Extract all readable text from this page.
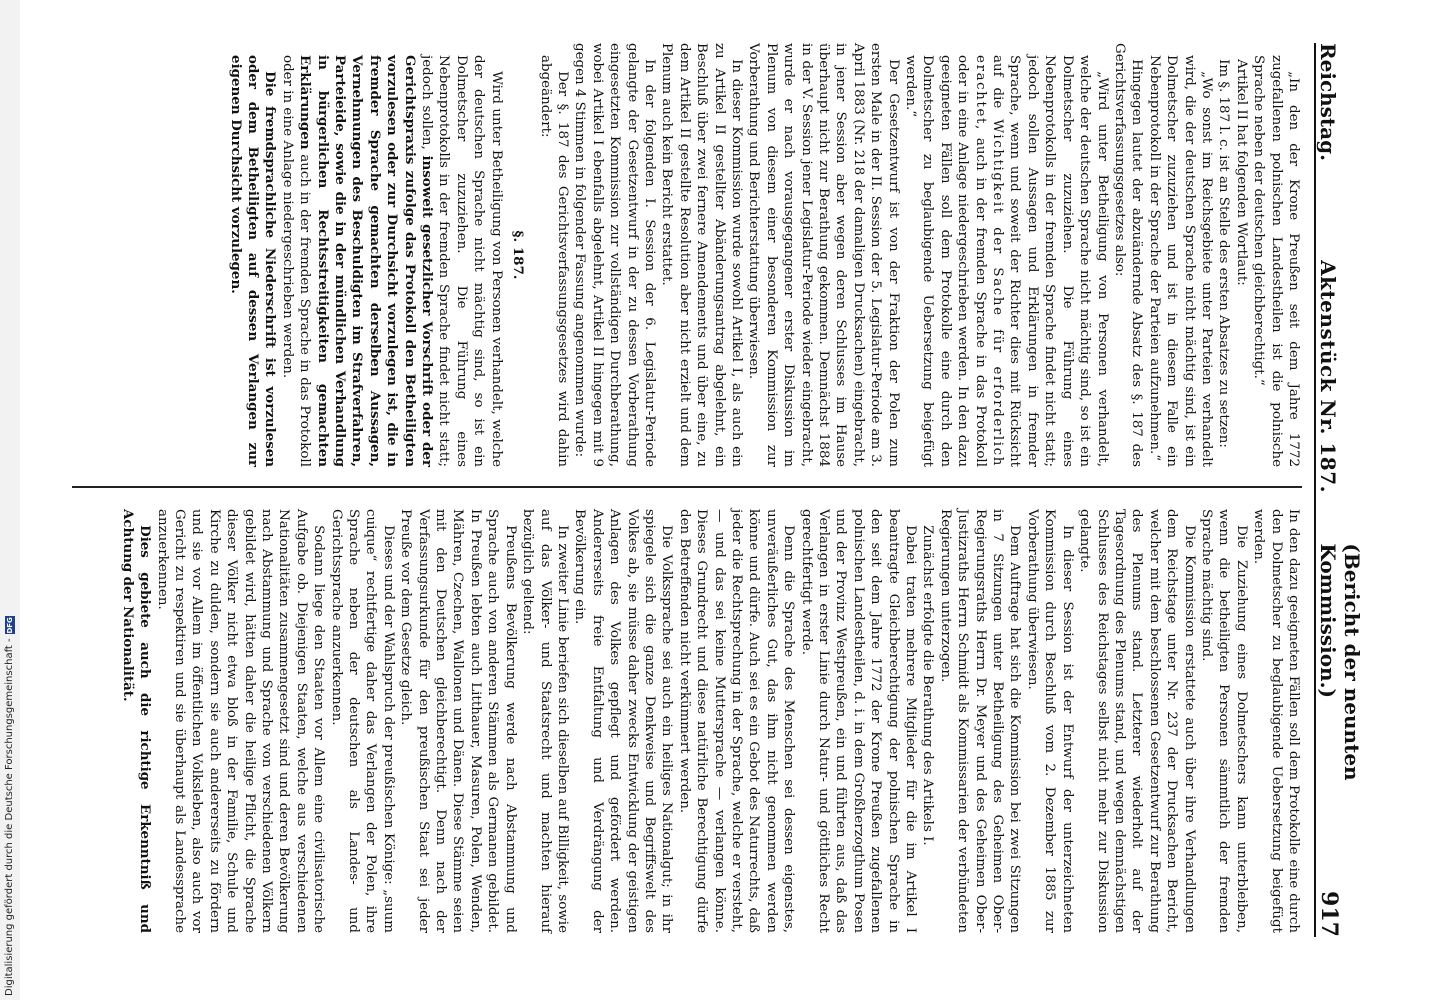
Digitalisierung gefördert durch die Deutsche Forschungsgemeinschaft -
DFG
Reichstag.
Aktenstück Nr. 187.
(Bericht der neunten Kommission.)
917

„In den der Krone Preußen seit dem Jahre 1772 zugefallenen polnischen Landestheilen ist die polnische Sprache neben der deutschen gleichberechtigt.“

Artikel II hat folgenden Wortlaut:

Im §. 187 l. c. ist an Stelle des ersten Absatzes zu setzen:

„Wo sonst im Reichsgebiete unter Parteien verhandelt wird, die der deutschen Sprache nicht mächtig sind, ist ein Dolmetscher zuzuziehen und ist in diesem Falle ein Nebenprotokoll in der Sprache der Parteien aufzunehmen.“

Hingegen lautet der abzuändernde Absatz des §. 187 des Gerichtsverfassungsgesetzes also:

„Wird unter Betheiligung von Personen verhandelt, welche der deutschen Sprache nicht mächtig sind, so ist ein Dolmetscher zuzuziehen. Die Führung eines Nebenprotokolls in der fremden Sprache findet nicht statt; jedoch sollen Aussagen und Erklärungen in fremder Sprache, wenn und soweit der Richter dies mit Rücksicht auf die Wichtigkeit der Sache für erforderlich erachtet, auch in der fremden Sprache in das Protokoll oder in eine Anlage niedergeschrieben werden. In den dazu geeigneten Fällen soll dem Protokolle eine durch den Dolmetscher zu beglaubigende Uebersetzung beigefügt werden.“

Der Gesetzentwurf ist von der Fraktion der Polen zum ersten Male in der II. Session der 5. Legislatur-Periode am 3. April 1883 (Nr. 218 der damaligen Drucksachen) eingebracht, in jener Session aber wegen deren Schlusses im Hause überhaupt nicht zur Berathung gekommen. Demnächst 1884 in der V. Session jener Legislatur-Periode wieder eingebracht, wurde er nach vorausgegangener erster Diskussion im Plenum von diesem einer besonderen Kommission zur Vorberathung und Berichterstattung überwiesen.

In dieser Kommission wurde sowohl Artikel I, als auch ein zu Artikel II gestellter Abänderungsantrag abgelehnt, ein Beschluß über zwei fernere Amendements und über eine, zu dem Artikel II gestellte Resolution aber nicht erzielt und dem Plenum auch kein Bericht erstattet.

In der folgenden I. Session der 6. Legislatur-Periode gelangte der Gesetzentwurf in der zu dessen Vorberathung eingesetzten Kommission zur vollständigen Durchberathung, wobei Artikel I ebenfalls abgelehnt, Artikel II hingegen mit 9 gegen 4 Stimmen in folgender Fassung angenommen wurde:

Der §. 187 des Gerichtsverfassungsgesetzes wird dahin abgeändert:

§. 187.

Wird unter Betheiligung von Personen verhandelt, welche der deutschen Sprache nicht mächtig sind, so ist ein Dolmetscher zuzuziehen. Die Führung eines Nebenprotokolls in der fremden Sprache findet nicht statt; jedoch sollen, insoweit gesetzlicher Vorschrift oder der Gerichtspraxis zufolge das Protokoll den Betheiligten vorzulesen oder zur Durchsicht vorzulegen ist, die in fremder Sprache gemachten derselben Aussagen, Vernehmungen des Beschuldigten im Strafverfahren, Parteieide, sowie die in der mündlichen Verhandlung in bürgerlichen Rechtsstreitigkeiten gemachten Erklärungen auch in der fremden Sprache in das Protokoll oder in eine Anlage niedergeschrieben werden.

Die fremdsprachliche Niederschrift ist vorzulesen oder dem Betheiligten auf dessen Verlangen zur eigenen Durchsicht vorzulegen.

In den dazu geeigneten Fällen soll dem Protokolle eine durch den Dolmetscher zu beglaubigende Uebersetzung beigefügt werden.

Die Zuziehung eines Dolmetschers kann unterbleiben, wenn die betheiligten Personen sämmtlich der fremden Sprache mächtig sind.

Die Kommission erstattete auch über ihre Verhandlungen dem Reichstage unter Nr. 237 der Drucksachen Bericht, welcher mit dem beschlossenen Gesetzentwurf zur Berathung des Plenums stand. Letzterer wiederholt auf der Tagesordnung des Plenums stand, und wegen demnächstigen Schlusses des Reichstages selbst nicht mehr zur Diskussion gelangte.

In dieser Session ist der Entwurf der unterzeichneten Kommission durch Beschluß vom 2. Dezember 1885 zur Vorberathung überwiesen.

Dem Auftrage hat sich die Kommission bei zwei Sitzungen in 7 Sitzungen unter Betheiligung des Geheimen Ober-Regierungsraths Herrn Dr. Meyer und des Geheimen Ober-Justizraths Herrn Schmidt als Kommissarien der verbündeten Regierungen unterzogen.

Zunächst erfolgte die Berathung des Artikels I.

Dabei traten mehrere Mitglieder für die im Artikel I beantragte Gleichberechtigung der polnischen Sprache in den seit dem Jahre 1772 der Krone Preußen zugefallenen polnischen Landestheilen, d. i. in dem Großherzogthum Posen und der Provinz Westpreußen, ein und führten aus, daß das Verlangen in erster Linie durch Natur- und göttliches Recht gerechtfertigt werde.

Denn die Sprache des Menschen sei dessen eigenstes, unveräußerliches Gut, das ihm nicht genommen werden könne und dürfe. Auch sei es ein Gebot des Naturrechts, daß jeder die Rechtsprechung in der Sprache, welche er versteht, — und das sei keine Muttersprache — verlangen könne. Dieses Grundrecht und diese natürliche Berechtigung dürfe den Betreffenden nicht verkümmert werden.

Die Volkssprache sei auch ein heiliges Nationalgut; in ihr spiegele sich die ganze Denkweise und Begriffswelt des Volkes ab, sie müsse daher zwecks Entwicklung der geistigen Anlagen des Volkes gepflegt und gefördert werden. Andererseits freie Entfaltung und Verdrängung der Bevölkerung ein.

In zweiter Linie beriefen sich dieselben auf Billigkeit, sowie auf das Völker- und Staatsrecht und machten hierauf bezüglich geltend:

Preußens Bevölkerung werde nach Abstammung und Sprache auch von anderen Stämmen als Germanen gebildet. In Preußen lebten auch Litthauer, Masuren, Polen, Wenden, Mähren, Czechen, Wallonen und Dänen. Diese Stämme seien mit den Deutschen gleichberechtigt. Denn nach der Verfassungsurkunde für den preußischen Staat sei jeder Preuße vor dem Gesetze gleich.

Dieses und der Wahlspruch der preußischen Könige: „suum cuique“ rechtfertige daher das Verlangen der Polen, ihre Sprache neben der deutschen als Landes- und Gerichtssprache anzuerkennen.

Sodann liege den Staaten vor Allem eine civilisatorische Aufgabe ob. Diejenigen Staaten, welche aus verschiedenen Nationalitäten zusammengesetzt sind und deren Bevölkerung nach Abstammung und Sprache von verschiedenen Völkern gebildet wird, hätten daher die heilige Pflicht, die Sprache dieser Völker nicht etwa bloß in der Familie, Schule und Kirche zu dulden, sondern sie auch andererseits zu fördern und sie vor Allem im öffentlichen Volksleben, also auch vor Gericht zu respektiren und sie überhaupt als Landessprache anzuerkennen.

Dies gebiete auch die richtige Erkenntniß und Achtung der Nationalität.
